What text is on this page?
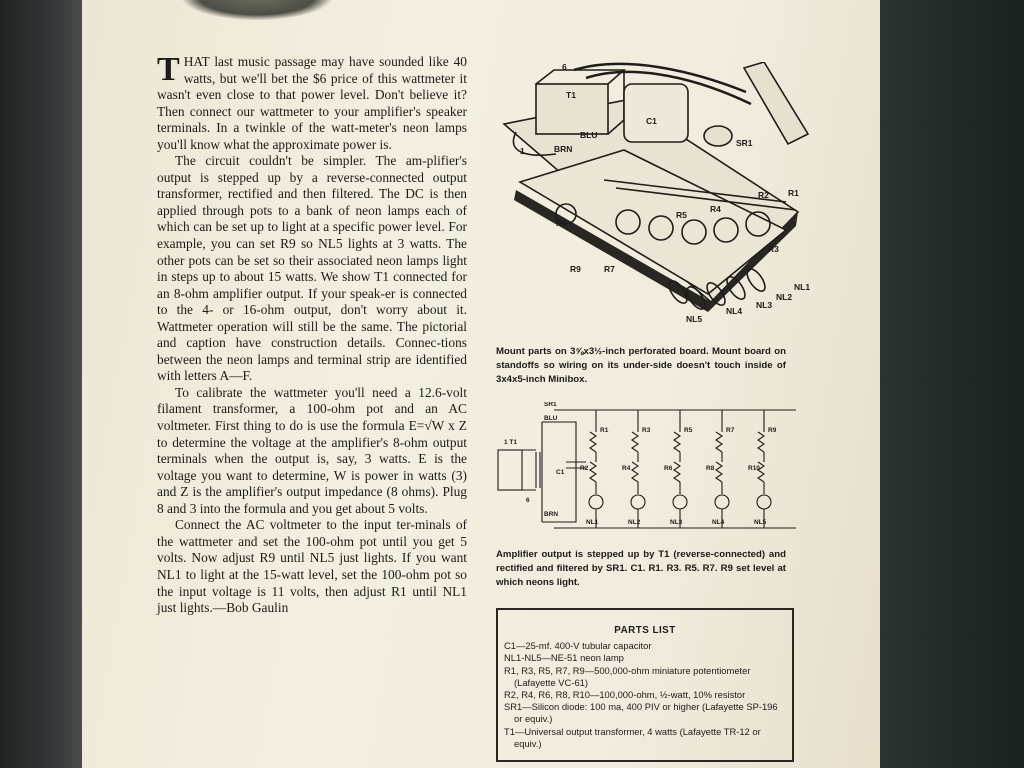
THAT last music passage may have sounded like 40 watts, but we'll bet the $6 price of this wattmeter it wasn't even close to that power level. Don't believe it? Then connect our wattmeter to your amplifier's speaker terminals. In a twinkle of the watt-meter's neon lamps you'll know what the approximate power is.

The circuit couldn't be simpler. The am-plifier's output is stepped up by a reverse-connected output transformer, rectified and then filtered. The DC is then applied through pots to a bank of neon lamps each of which can be set up to light at a specific power level. For example, you can set R9 so NL5 lights at 3 watts. The other pots can be set so their associated neon lamps light in steps up to about 15 watts. We show T1 connected for an 8-ohm amplifier output. If your speak-er is connected to the 4- or 16-ohm output, don't worry about it. Wattmeter operation will still be the same. The pictorial and caption have construction details. Connec-tions between the neon lamps and terminal strip are identified with letters A—F.

To calibrate the wattmeter you'll need a 12.6-volt filament transformer, a 100-ohm pot and an AC voltmeter. First thing to do is use the formula E=√W x Z to determine the voltage at the amplifier's 8-ohm output terminals when the output is, say, 3 watts. E is the voltage you want to determine, W is power in watts (3) and Z is the amplifier's output impedance (8 ohms). Plug 8 and 3 into the formula and you get about 5 volts.

Connect the AC voltmeter to the input ter-minals of the wattmeter and set the 100-ohm pot until you get 5 volts. Now adjust R9 until NL5 just lights. If you want NL1 to light at the 15-watt level, set the 100-ohm pot so the input voltage is 11 volts, then adjust R1 until NL1 just lights.—Bob Gaulin

T1
C1
BLU
BRN
SR1
6
1
R1
R2
R3
R4
R5
R6
R7
R9
NL1
NL2
NL3
NL4
NL5
Mount parts on 3⅝x3½-inch perforated board. Mount board on standoffs so wiring on its under-side doesn't touch inside of 3x4x5-inch Minibox.
SR1
BLU
BRN
1 T1
6
C1
R1	R3	R5	R7	R9
R2	R4	R6	R8	R10
NL1	NL2	NL3	NL4	NL5
Amplifier output is stepped up by T1 (reverse-connected) and rectified and filtered by SR1. C1. R1. R3. R5. R7. R9 set level at which neons light.
PARTS LIST

C1—25-mf. 400-V tubular capacitor

NL1-NL5—NE-51 neon lamp

R1, R3, R5, R7, R9—500,000-ohm miniature potentiometer (Lafayette VC-61)

R2, R4, R6, R8, R10—100,000-ohm, ½-watt, 10% resistor

SR1—Silicon diode: 100 ma, 400 PIV or higher (Lafayette SP-196 or equiv.)

T1—Universal output transformer, 4 watts (Lafayette TR-12 or equiv.)
